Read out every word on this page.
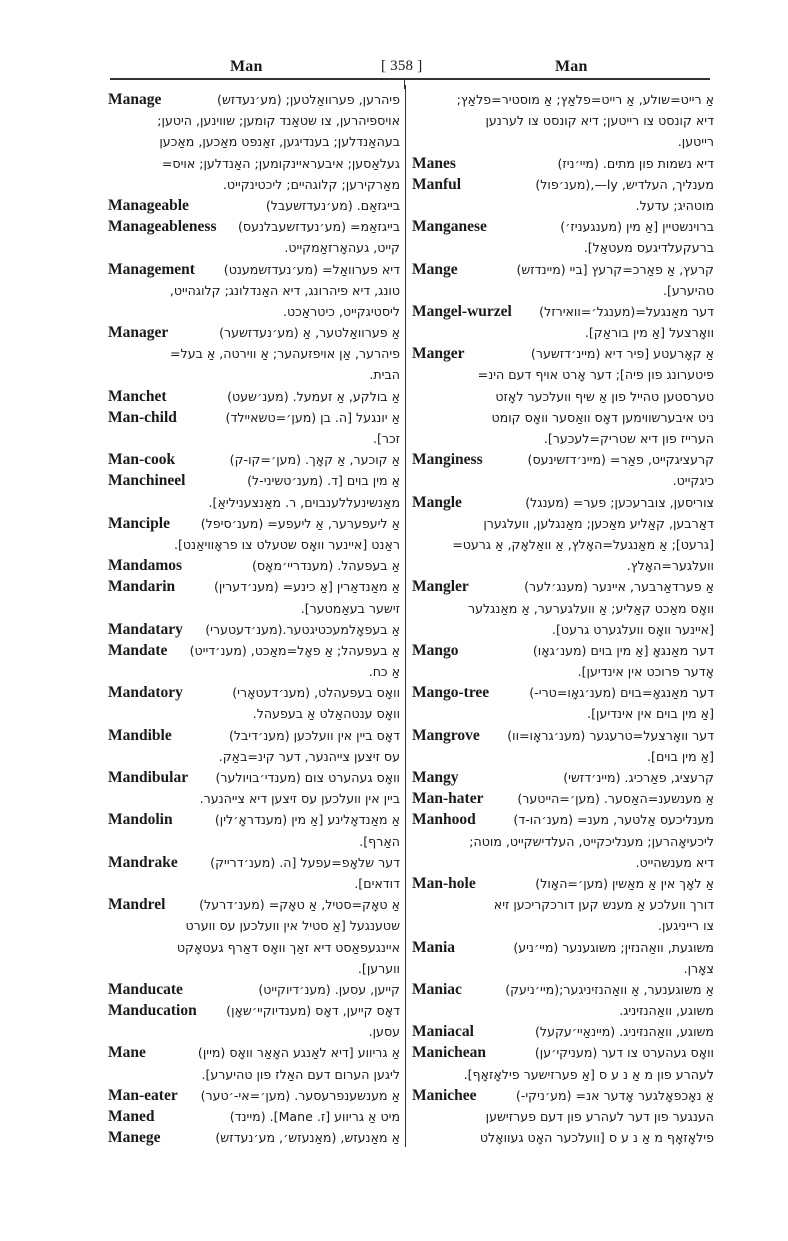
Man	[ 358 ]	Man
Manage	פיהרען, פערוואַלטען; (מע׳נעדזש)
אויספיהרען, צו שטאַנד קומען; שווינען, היטען;
בעהאַנדלען; בענדיגען, זאַנפט מאַכען, מאַכען
געלאַסען; איבעראיינקומען; האַנדלען; אויס=
מאַרקירען; קלוגהיים; ליכטינקייט.
Manageable	בייגזאַם. (מע׳נעדזשעבל)
Manageableness בייגזאַמ= (מע׳נעדזשעבלנעס)
קייט, געהאָרזאַמקייט.
Management דיא פערוואַל= (מע׳נעדזשמענט)
טונג, דיא פיהרונג, דיא האַנדלונג; קלוגהייט,
ליסטיגקייט, כיטראַכט.
Manager	אַ פערוואַלטער, אַ (מע׳נעדזשער)
פיהרער, אַן אויפזעהער; אַ ווירטה, אַ בעל=
הבית.
Manchet	אַ בולקע, אַ זעמעל. (מענ׳שעט)
Man-child	אַ יונגעל [ה. בן (מען׳=טשאיילד)
זכר].
Man-cook	אַ קוכער, אַ קאָך. (מען׳=קו-ק)
Manchineel	אַ מין בוים [ד. (מענ׳טשיני-ל)
מאַנשינעללענבוים, ר. מאַנצעניליאַ].
Manciple אַ ליעפערער, אַ ליעפע= (מענ׳סיפל)
ראַנט [איינער וואָס שטעלט צו פראָוויאַנט].
Mandamos	אַ בעפעהל. (מענדריי׳מאָס)
Mandarin	אַ מאַנדאַרין [אַ כינע= (מענ׳דערין)
זישער בעאַמטער].
Mandatary אַ בעפאָלמעכטיגטער.(מענ׳דעטערי)
Mandate אַ בעפעהל; אַ פאָל=מאַכט, (מענ׳דייט)
אַ כח.
Mandatory	וואָס בעפעהלט, (מענ׳דעטאָרי)
וואָס ענטהאַלט אַ בעפעהל.
Mandible	דאָס ביין אין וועלכען (מענ׳דיבל)
עס זיצען צייהנער, דער קינ=באַק.
Mandibular וואָס געהערט צום (מענדי׳בויולער)
ביין אין וועלכען עס זיצען דיא צייהנער.
Mandolin	אַ מאַנדאָלינע [אַ מין (מענדראָ׳לין)
האַרף].
Mandrake	דער שלאָפ=עפעל [ה. (מענ׳דרייק)
דודאים].
Mandrel	אַ טאָק=סטיל, אַ טאָק= (מענ׳דרעל)
שטענגעל [אַ סטיל אין וועלכען עס ווערט
איינגעפאַסט דיא זאַך וואָס דאַרף געטאָקט
ווערען].
Manducate	קייען, עסען. (מענ׳דיוקייט)
Manducation דאָס קייען, דאָס (מענדיוקיי׳שאָן)
עסען.
Mane	אַ גריווע [דיא לאַנגע האָאַר וואָס (מיין)
ליגען הערום דעם האַלז פון טהיערע].
Man-eater אַ מענשענפרעסער. (מען׳=אי-׳טער)
Maned	מיט אַ גריווע [ז. Mane]. (מיינד)
Manege	אַ מאַנעזש, (מאַנעזש׳, מע׳נעדזש)
אַ רייט=שולע, אַ רייט=פלאַץ; אַ מוסטיר=פלאַץ;
דיא קונסט צו רייטען; דיא קונסט צו לערנען
רייטען.
Manes	דיא נשמות פון מתים. (מיי׳ניז)
Manful	מענליך, העלדיש, ly—,(מענ׳פול)
מוטהיג; עדעל.
Manganese	ברוינשטיין [אַ מין (מענגעניז׳)
ברעקעלדיגעס מעטאַל].
Mange	קרעץ, אַ פאַרכ=קרעץ [ביי (מיינדזש)
טהיערע].
Mangel-wurzel דער מאַנגעל=(מענגל׳=וואירזל)
וואָרצעל [אַ מין בוראַק].
Manger	אַ קאָרעטע [פיר דיא (מיינ׳דזשער)
פיטערונג פון פיה]; דער אָרט אויף דעם הינ=
טערסטען טהייל פון אַ שיף וועלכער לאָזט
ניט איבערשווימען דאָס וואַסער וואָס קומט
הערייז פון דיא שטריק=לעכער].
Manginess	קרעציגקייט, פאַר= (מיינ׳דזשינעס)
כיגקייט.
Mangle	צוריסען, צוברעכען; פער= (מענגל)
דאַרבען, קאַליע מאַכען; מאַנגלען, וועלגערן
[גרעט]; אַ מאַנגעל=האָלץ, אַ וואַלאָק, אַ גרעט=
וועלגער=האָלץ.
Mangler	אַ פערדאַרבער, איינער (מענג׳לער)
וואָס מאַכט קאַליע; אַ וועלגערער, אַ מאַנגלער
[איינער וואָס וועלגערט גרעט].
Mango	דער מאַנגאָ [אַ מין בוים (מענ׳גאָו)
אָדער פרוכט אין אינדיען].
Mango-tree	דער מאַנגאָ=בוים (מענ׳גאָו=טרי-)
[אַ מין בוים אין אינדיען].
Mangrove דער וואָרצעל=טרעגער (מענ׳גראָו=וו)
[אַ מין בוים].
Mangy	קרעציג, פאַרכיג. (מיינ׳דזשי)
Man-hater	אַ מענשענ=האַסער. (מען׳=הייטער)
Manhood	מענליכעס אַלטער, מענ= (מענ׳הו-ד)
ליכעיאָהרען; מענליכקייט, העלדישקייט, מוטה;
דיא מענשהייט.
Man-hole	אַ לאָך אין אַ מאַשין (מען׳=האָול)
דורך וועלכע אַ מענש קען דורכקריכען זיא
צו רייניגען.
Mania	משוגעת, וואַהנזין; משוגענער (מיי׳ניע)
צאָרן.
Maniac	אַ משוגענער, אַ וואַהנזיניגער;(מיי׳ניעק)
משוגע, וואַהנזיניג.
Maniacal	משוגע, וואַהנזיניג. (מיינאַיי׳עקעל)
Manichean	וואָס געהערט צו דער (מעניקי׳ען)
לעהרע פון מ אַ נ ע ס [אַ פערזישער פילאָזאָף].
Manichee	אַ נאָכפאָלגער אָדער אנ= (מע׳ניקי-)
הענגער פון דער לעהרע פון דעם פערזישען
פילאָזאָף מ אַ נ ע ס [וועלכער האָט געוואָלט
